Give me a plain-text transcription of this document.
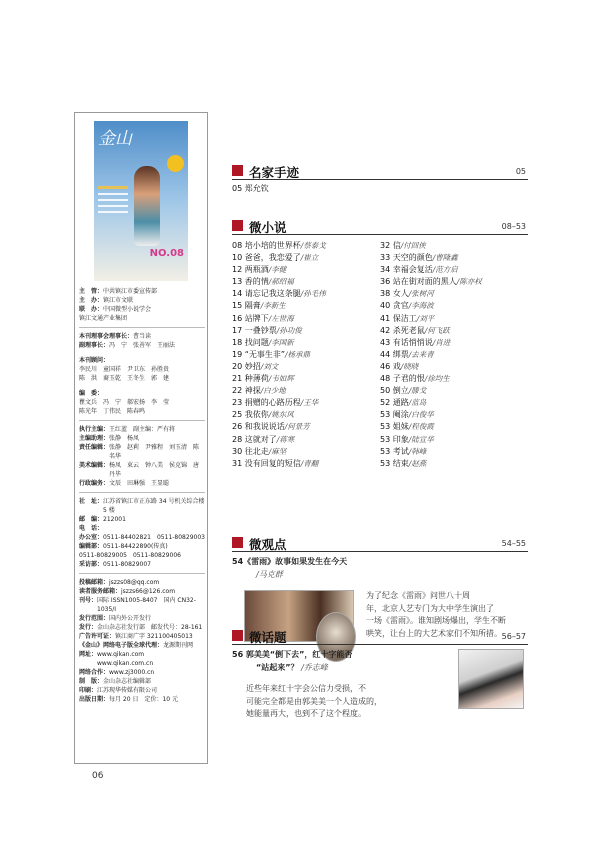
金山
NO.08
主　管： 中共镇江市委宣传部
主　办： 镇江市文联
联　办： 中国微型小说学会
镇江文通产业集团
本刊理事会理事长： 曹当读
副理事长： 冯　宁　张善军　王丽法
本刊顾问：
李民川　童国祥　尹卫东　孙胜贵
陈　洪　裔玉乾　王冬生　郭　建
编　委：
瞿文兵　冯　宁　郝宏扬　李　莹
陈光年　丁伟民　陈春鸣
执行主编： 王红蓝　副主编：严有将
主编助理： 张静　杨凤
责任编辑： 张静　赵莉　尹雅程　刘玉清　陈名华
美术编辑： 杨凤　束云　钟八美　侯克锦　唐丹毕
行政编务： 文辰　田琳强　王显聪
社　址： 江苏省镇江市正东路 34 号机关综合楼 5 楼
邮　编： 212001
电　话：
办公室： 0511-84402821　0511-80829003
编辑部： 0511-84422890(传真)
0511-80829005　0511-80829006
采访部： 0511-80829007
投稿邮箱： jszzs08@qq.com
读者服务邮箱： jszzs66@126.com
刊号： 国际 ISSN1005-8407　国内 CN32-1035/I
发行范围： 国内外公开发行
发行： 金山杂志社发行部　邮发代号：28-161
广告许可证： 镇江商广字 321100405013
《金山》网络电子版全球代理： 龙源期刊网
网址： www.qikan.com　www.qikan.com.cn
网络合作： www.zj3000.cn
制　版： 金山杂志社编辑部
印刷： 江苏现华传媒有限公司
出版日期： 每月 20 日　定价：10 元
名家手迹	05
05 郑允钦
微小说	08–53
08 培小培的世界杯/蔡泰戈
10 爸爸，我恋爱了/崔立
12 两瓶酒/李健
13 香的情/郝绍福
14 请忘记我这条腿/孙毛伟
15 隔膏/李新生
16 站牌下/左世海
17 一叠钞票/孙功俊
18 找问题/李国新
19 “无事生非”/杨承鼎
20 妙招/刘文
21 种薄荷/韦如辉
22 神探/白少地
23 捐赠的心路历程/王华
25 我依你/姚东风
26 和我说说话/何景芳
28 这就对了/蒋寒
30 往北走/麻坚
31 没有回复的短信/青翻
32 信/付回侠
33 天空的颜色/曹隆鑫
34 幸福会复活/范方启
36 站在街对面的黑人/陈亦权
38 女人/张树河
40 贪官/李海波
41 保洁工/刘平
42 杀死老鼠/何飞跃
43 有话悄悄说/肖进
44 绑票/去来青
46 戏/晓晓
48 子君的恨/徐均生
50 倒立/滕戈
52 通路/蓝岛
53 阉涂/白俊华
53 姐妹/程俊霞
53 印象/陆宣华
53 考试/韩峰
53 结束/赵燕
微观点	54–55
54《雷雨》故事如果发生在今天
/马克群
为了纪念《雷雨》问世八十周
年，北京人艺专门为大中学生演出了
一场《雷雨》。谁知剧场爆出，学生不断
哄笑，让台上的大艺术家们不知所措。
微话题	56–57
56 郭美美“倒下去”，红十字能否
“站起来”？ /乔志峰
近些年来红十字会公信力受损，不
可能完全都是由郭美美一个人造成的，
她能量再大，也到不了这个程度。
06
